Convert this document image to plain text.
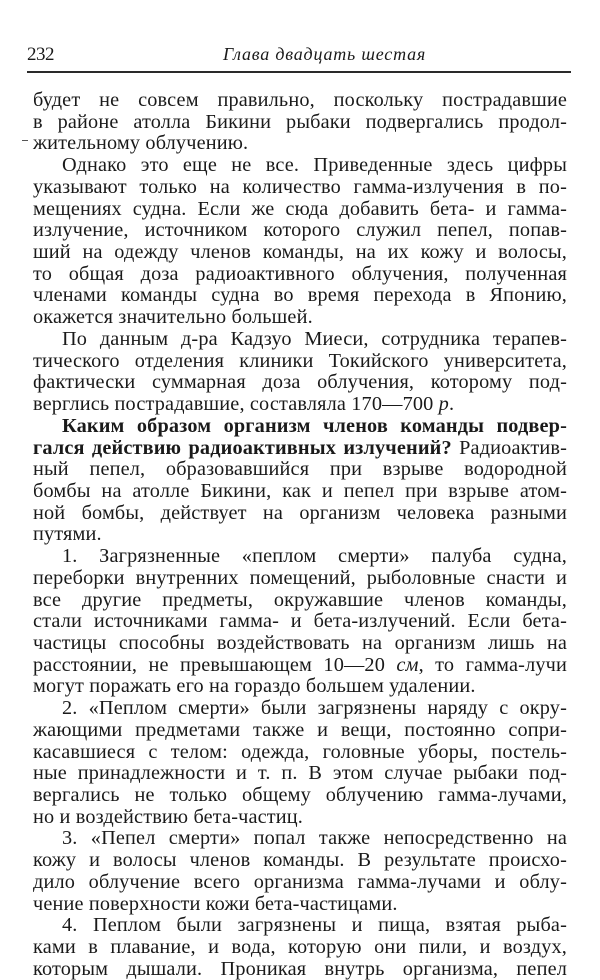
232	Глава двадцать шестая
будет не совсем правильно, поскольку пострадавшие
в районе атолла Бикини рыбаки подвергались продол-
жительному облучению.
Однако это еще не все. Приведенные здесь цифры
указывают только на количество гамма-излучения в по-
мещениях судна. Если же сюда добавить бета- и гамма-
излучение, источником которого служил пепел, попав-
ший на одежду членов команды, на их кожу и волосы,
то общая доза радиоактивного облучения, полученная
членами команды судна во время перехода в Японию,
окажется значительно большей.
По данным д-ра Кадзуо Миеси, сотрудника терапев-
тического отделения клиники Токийского университета,
фактически суммарная доза облучения, которому под-
верглись пострадавшие, составляла 170—700 р.
Каким образом организм членов команды подвер-
гался действию радиоактивных излучений? Радиоактив-
ный пепел, образовавшийся при взрыве водородной
бомбы на атолле Бикини, как и пепел при взрыве атом-
ной бомбы, действует на организм человека разными
путями.
1. Загрязненные «пеплом смерти» палуба судна,
переборки внутренних помещений, рыболовные снасти и
все другие предметы, окружавшие членов команды,
стали источниками гамма- и бета-излучений. Если бета-
частицы способны воздействовать на организм лишь на
расстоянии, не превышающем 10—20 см, то гамма-лучи
могут поражать его на гораздо большем удалении.
2. «Пеплом смерти» были загрязнены наряду с окру-
жающими предметами также и вещи, постоянно сопри-
касавшиеся с телом: одежда, головные уборы, постель-
ные принадлежности и т. п. В этом случае рыбаки под-
вергались не только общему облучению гамма-лучами,
но и воздействию бета-частиц.
3. «Пепел смерти» попал также непосредственно на
кожу и волосы членов команды. В результате происхо-
дило облучение всего организма гамма-лучами и облу-
чение поверхности кожи бета-частицами.
4. Пеплом были загрязнены и пища, взятая рыба-
ками в плавание, и вода, которую они пили, и воздух,
которым дышали. Проникая внутрь организма, пепел
